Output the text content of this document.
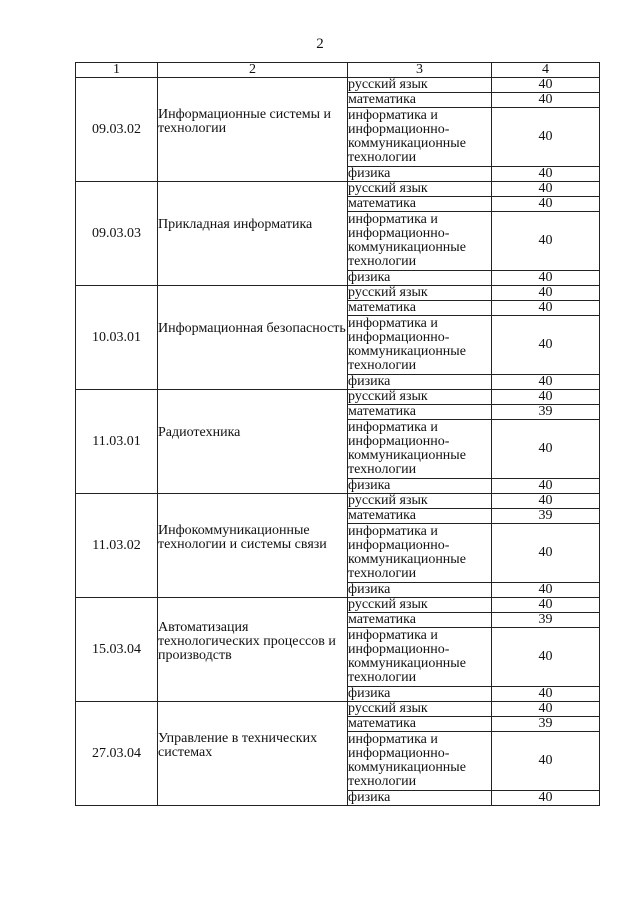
2
1	2	3	4
09.03.02	Информационные системы и технологии	русский язык	40
		математика	40
		информатика и информационно-коммуникационные технологии	40
		физика	40
09.03.03	Прикладная информатика	русский язык	40
		математика	40
		информатика и информационно-коммуникационные технологии	40
		физика	40
10.03.01	Информационная безопасность	русский язык	40
		математика	40
		информатика и информационно-коммуникационные технологии	40
		физика	40
11.03.01	Радиотехника	русский язык	40
		математика	39
		информатика и информационно-коммуникационные технологии	40
		физика	40
11.03.02	Инфокоммуникационные технологии и системы связи	русский язык	40
		математика	39
		информатика и информационно-коммуникационные технологии	40
		физика	40
15.03.04	Автоматизация технологических процессов и производств	русский язык	40
		математика	39
		информатика и информационно-коммуникационные технологии	40
		физика	40
27.03.04	Управление в технических системах	русский язык	40
		математика	39
		информатика и информационно-коммуникационные технологии	40
		физика	40
